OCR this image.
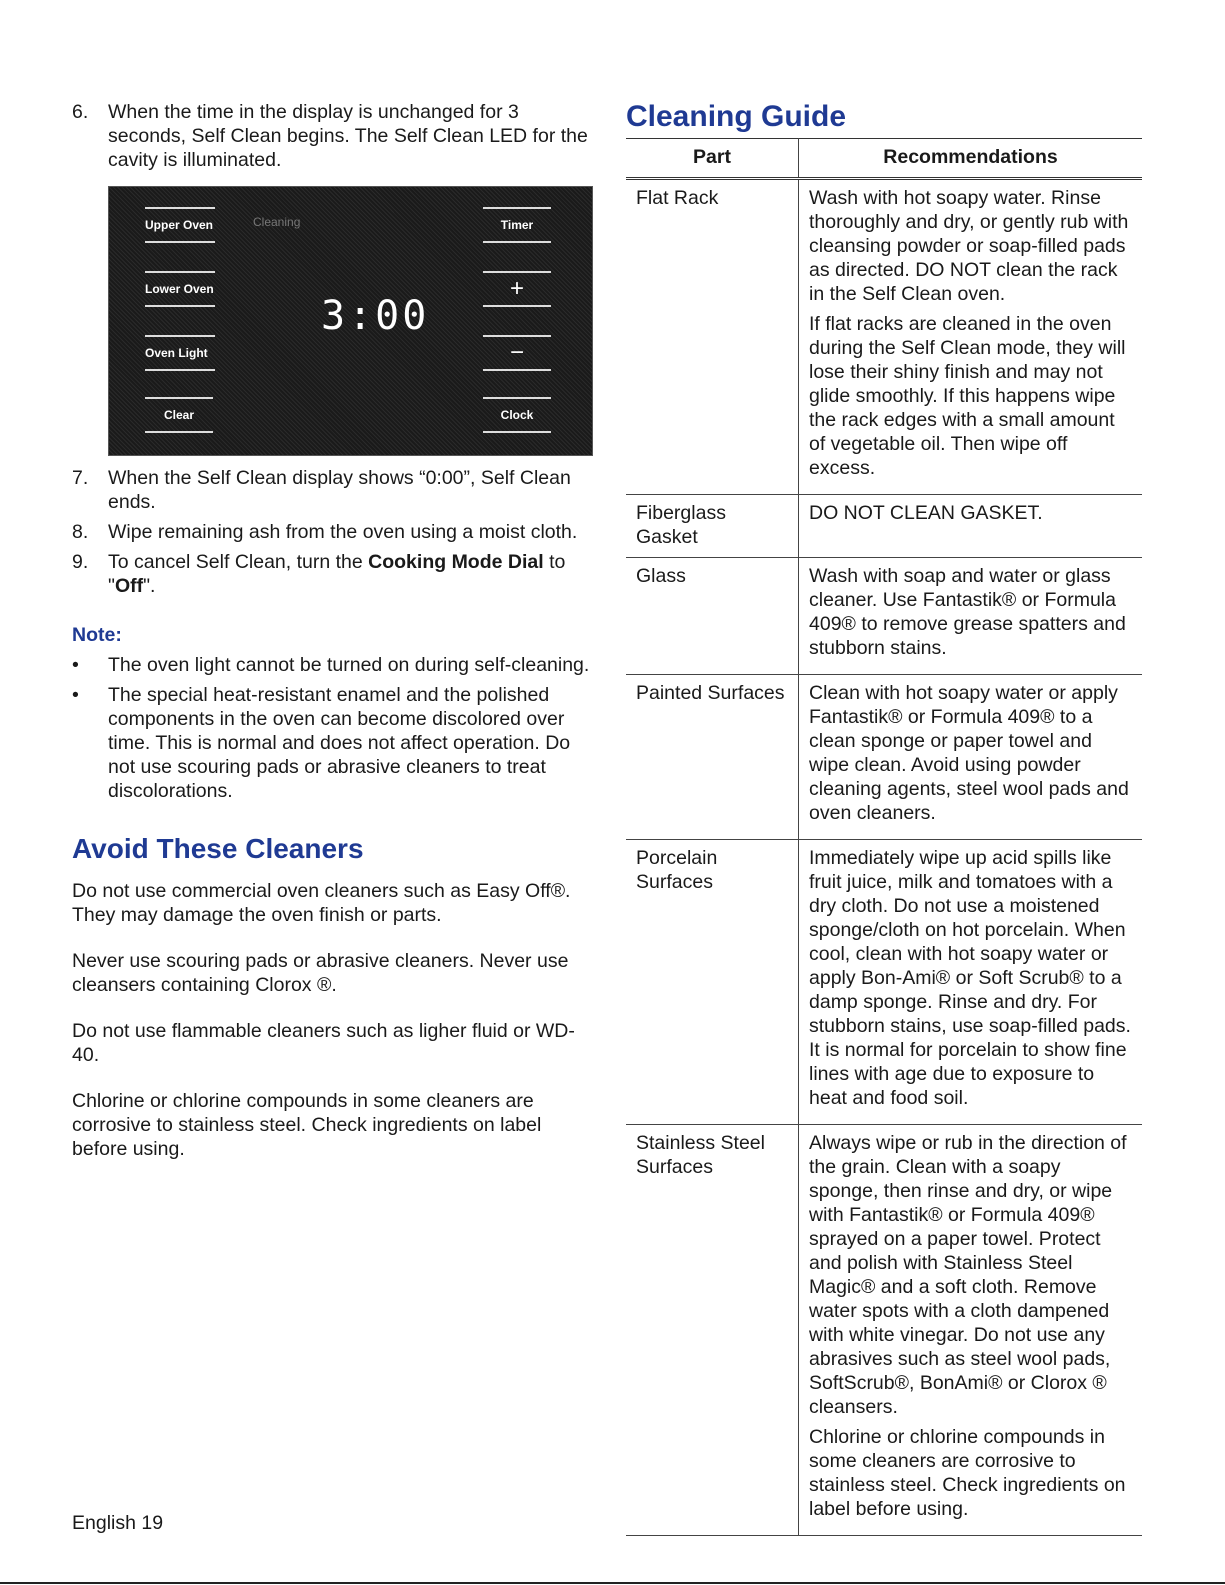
6. When the time in the display is unchanged for 3 seconds, Self Clean begins. The Self Clean LED for the cavity is illuminated.
Upper Oven	Cleaning
Lower Oven
Oven Light
Clear
3:00
Timer
+
−
Clock
7. When the Self Clean display shows “0:00”, Self Clean ends.
8. Wipe remaining ash from the oven using a moist cloth.
9. To cancel Self Clean, turn the Cooking Mode Dial to "Off".
Note:
• The oven light cannot be turned on during self-cleaning.
• The special heat-resistant enamel and the polished components in the oven can become discolored over time. This is normal and does not affect operation. Do not use scouring pads or abrasive cleaners to treat discolorations.
Avoid These Cleaners
Do not use commercial oven cleaners such as Easy Off®. They may damage the oven finish or parts.
Never use scouring pads or abrasive cleaners. Never use cleansers containing Clorox ®.
Do not use flammable cleaners such as ligher fluid or WD-40.
Chlorine or chlorine compounds in some cleaners are corrosive to stainless steel. Check ingredients on label before using.
Cleaning Guide
Part	Recommendations
Flat Rack	Wash with hot soapy water. Rinse thoroughly and dry, or gently rub with cleansing powder or soap-filled pads as directed. DO NOT clean the rack in the Self Clean oven.

If flat racks are cleaned in the oven during the Self Clean mode, they will lose their shiny finish and may not glide smoothly. If this happens wipe the rack edges with a small amount of vegetable oil. Then wipe off excess.

Fiberglass Gasket	DO NOT CLEAN GASKET.

Glass	Wash with soap and water or glass cleaner. Use Fantastik® or Formula 409® to remove grease spatters and stubborn stains.

Painted Surfaces	Clean with hot soapy water or apply Fantastik® or Formula 409® to a clean sponge or paper towel and wipe clean. Avoid using powder cleaning agents, steel wool pads and oven cleaners.

Porcelain Surfaces	Immediately wipe up acid spills like fruit juice, milk and tomatoes with a dry cloth. Do not use a moistened sponge/cloth on hot porcelain. When cool, clean with hot soapy water or apply Bon-Ami® or Soft Scrub® to a damp sponge. Rinse and dry. For stubborn stains, use soap-filled pads. It is normal for porcelain to show fine lines with age due to exposure to heat and food soil.

Stainless Steel Surfaces	Always wipe or rub in the direction of the grain. Clean with a soapy sponge, then rinse and dry, or wipe with Fantastik® or Formula 409® sprayed on a paper towel. Protect and polish with Stainless Steel Magic® and a soft cloth. Remove water spots with a cloth dampened with white vinegar. Do not use any abrasives such as steel wool pads, SoftScrub®, BonAmi® or Clorox ® cleansers.

Chlorine or chlorine compounds in some cleaners are corrosive to stainless steel. Check ingredients on label before using.

English 19
